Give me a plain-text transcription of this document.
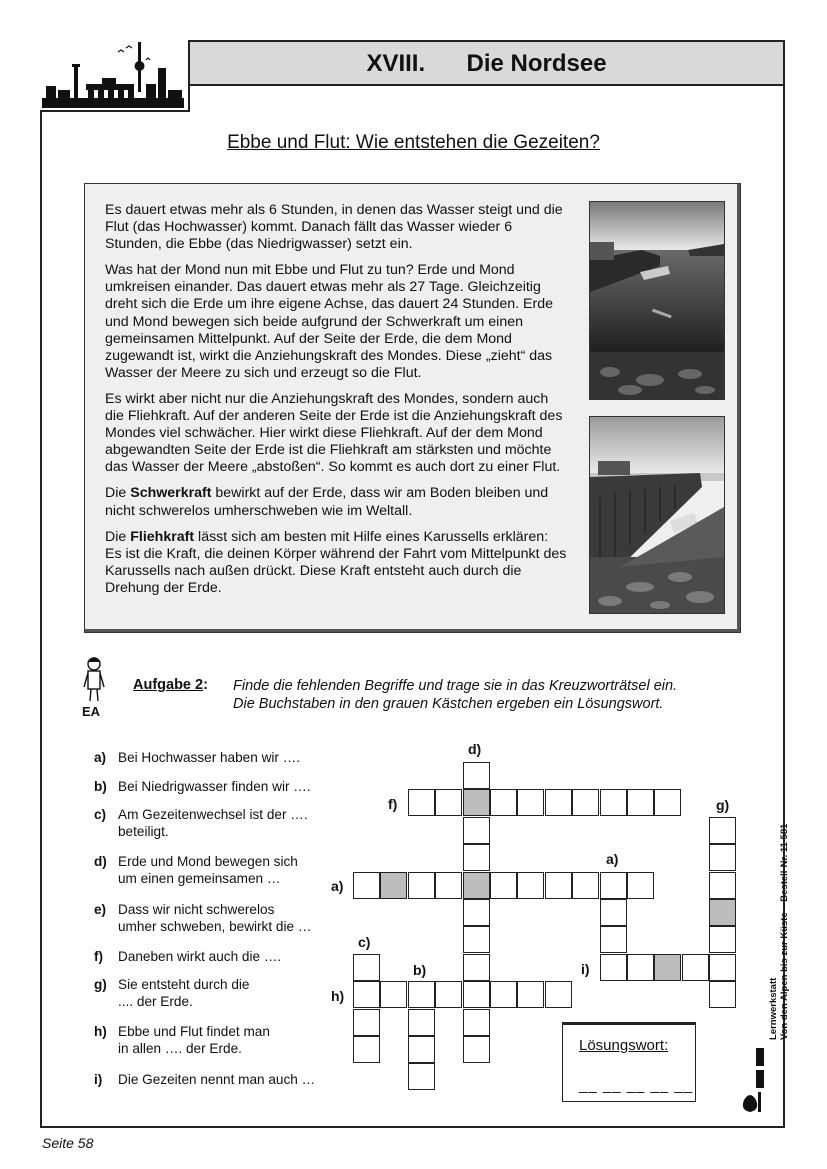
XVIII. Die Nordsee
Ebbe und Flut: Wie entstehen die Gezeiten?

Es dauert etwas mehr als 6 Stunden, in denen das Wasser steigt und die Flut (das Hochwasser) kommt. Danach fällt das Wasser wieder 6 Stunden, die Ebbe (das Niedrigwasser) setzt ein.

Was hat der Mond nun mit Ebbe und Flut zu tun? Erde und Mond umkreisen einander. Das dauert etwas mehr als 27 Tage. Gleichzeitig dreht sich die Erde um ihre eigene Achse, das dauert 24 Stunden. Erde und Mond bewegen sich beide aufgrund der Schwerkraft um einen gemeinsamen Mittelpunkt. Auf der Seite der Erde, die dem Mond zugewandt ist, wirkt die Anziehungskraft des Mondes. Diese „zieht“ das Wasser der Meere zu sich und erzeugt so die Flut.

Es wirkt aber nicht nur die Anziehungskraft des Mondes, sondern auch die Fliehkraft. Auf der anderen Seite der Erde ist die Anziehungskraft des Mondes viel schwächer. Hier wirkt diese Fliehkraft. Auf der dem Mond abgewandten Seite der Erde ist die Fliehkraft am stärksten und möchte das Wasser der Meere „abstoßen“. So kommt es auch dort zu einer Flut.

Die Schwerkraft bewirkt auf der Erde, dass wir am Boden bleiben und nicht schwerelos umherschweben wie im Weltall.

Die Fliehkraft lässt sich am besten mit Hilfe eines Karussells erklären: Es ist die Kraft, die deinen Körper während der Fahrt vom Mittelpunkt des Karussells nach außen drückt. Diese Kraft entsteht auch durch die Drehung der Erde.

EA
Aufgabe 2: Finde die fehlenden Begriffe und trage sie in das Kreuzworträtsel ein.
Die Buchstaben in den grauen Kästchen ergeben ein Lösungswort.
a) Bei Hochwasser haben wir ….
b) Bei Niedrigwasser finden wir ….
c) Am Gezeitenwechsel ist der ….
beteiligt.
d) Erde und Mond bewegen sich
um einen gemeinsamen …
e) Dass wir nicht schwerelos
umher schweben, bewirkt die …
f) Daneben wirkt auch die ….
g) Sie entsteht durch die
.... der Erde.
h) Ebbe und Flut findet man
in allen …. der Erde.
i) Die Gezeiten nennt man auch …
d)
f)	g)
a)
a)
c)
b)	i)
h)
Lösungswort:
__ __ __ __ __
Lernwerkstatt Von den Alpen bis zur Küste – Bestell-Nr. 11 581
Seite 58
